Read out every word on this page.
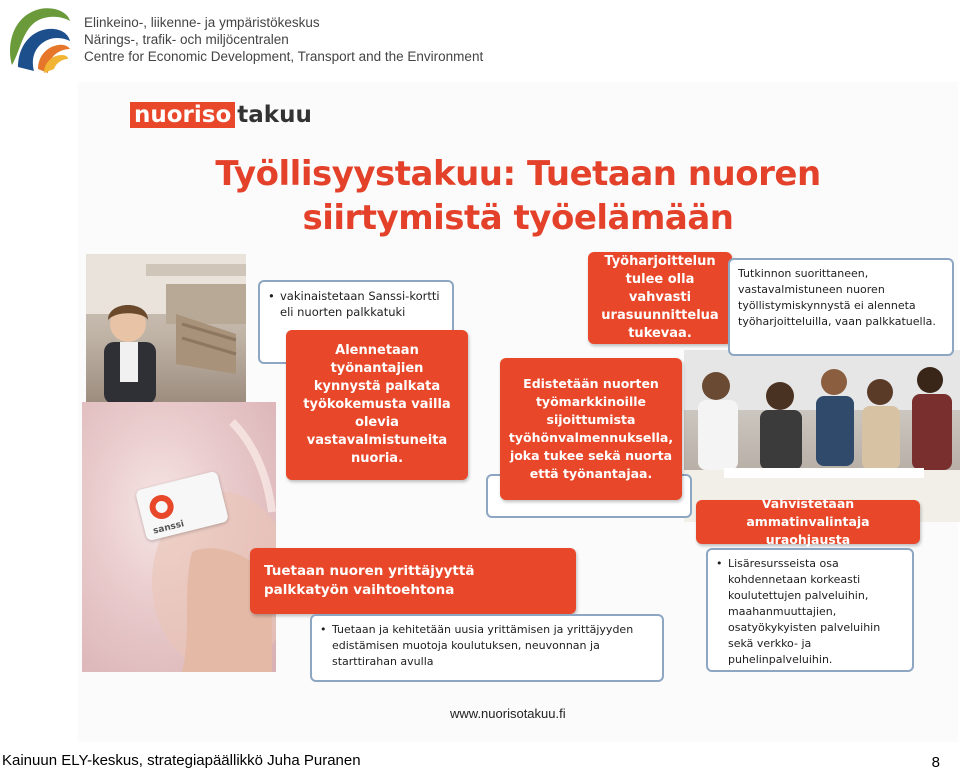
Elinkeino-, liikenne- ja ympäristökeskus
Närings-, trafik- och miljöcentralen
Centre for Economic Development, Transport and the Environment
nuoriso takuu
Työllisyystakuu: Tuetaan nuoren
siirtymistä työelämään
sanssi
• vakinaistetaan Sanssi-kortti eli nuorten palkkatuki
Alennetaan työnantajien kynnystä palkata työkokemusta vailla olevia vastavalmistuneita nuoria.
Työharjoittelun tulee olla vahvasti urasuunnittelua tukevaa.
Tutkinnon suorittaneen, vastavalmistuneen nuoren työllistymiskynnystä ei alenneta työharjoitteluilla, vaan palkkatuella.
Edistetään nuorten työmarkkinoille sijoittumista työhönvalmennuksella, joka tukee sekä nuorta että työnantajaa.
Vahvistetaan ammatinvalintaja uraohjausta
• Lisäresursseista osa kohdennetaan korkeasti koulutettujen palveluihin, maahanmuuttajien, osatyökykyisten palveluihin sekä verkko- ja puhelinpalveluihin.
Tuetaan nuoren yrittäjyyttä palkkatyön vaihtoehtona
• Tuetaan ja kehitetään uusia yrittämisen ja yrittäjyyden edistämisen muotoja koulutuksen, neuvonnan ja starttirahan avulla
www.nuorisotakuu.fi
Kainuun ELY-keskus, strategiapäällikkö Juha Puranen	8
